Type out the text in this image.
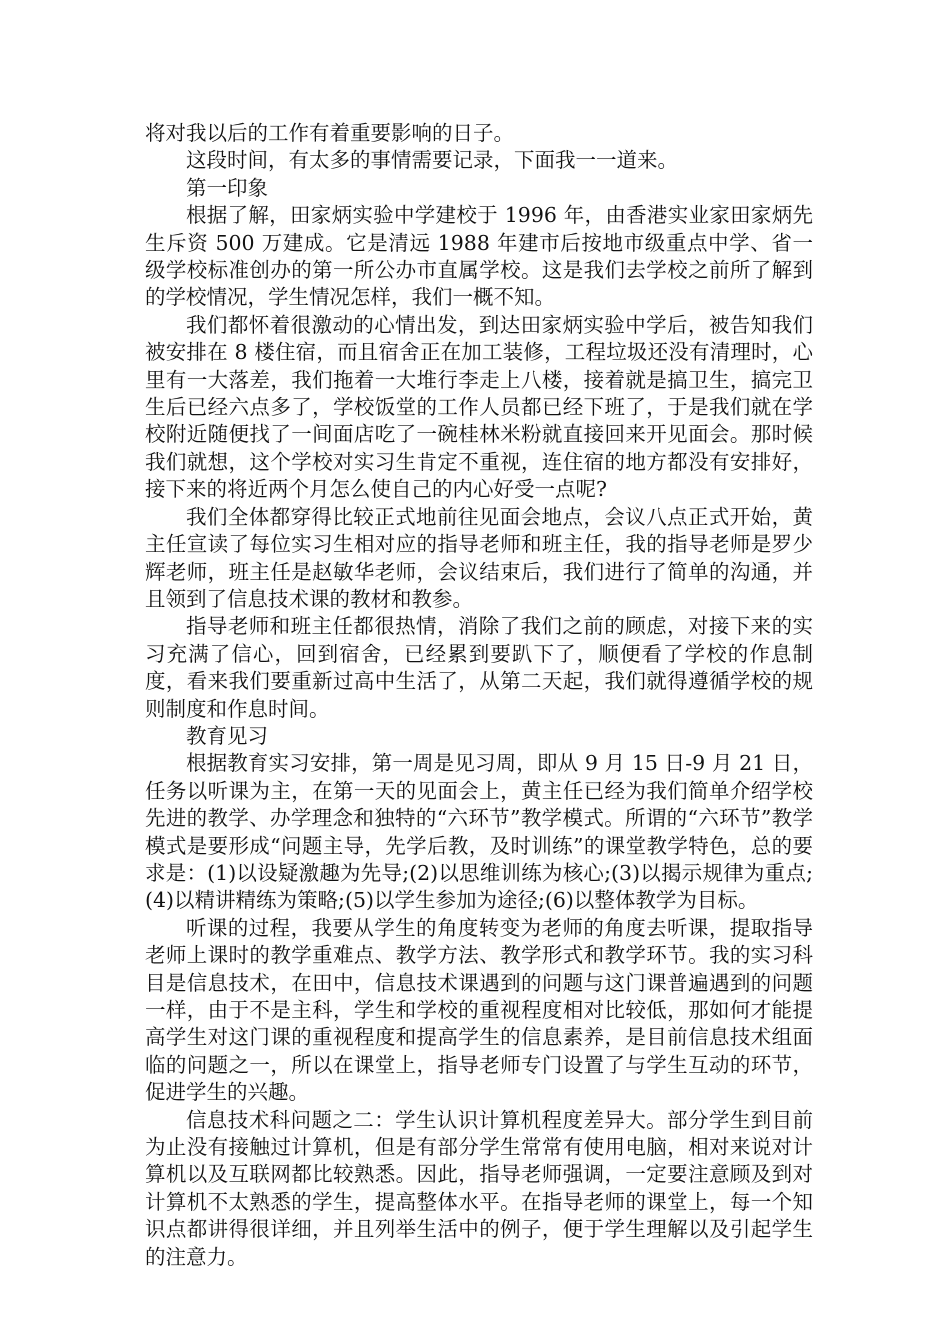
将对我以后的工作有着重要影响的日子。

这段时间，有太多的事情需要记录，下面我一一道来。

第一印象

根据了解，田家炳实验中学建校于 1996 年，由香港实业家田家炳先生斥资 500 万建成。它是清远 1988 年建市后按地市级重点中学、省一级学校标准创办的第一所公办市直属学校。这是我们去学校之前所了解到的学校情况，学生情况怎样，我们一概不知。

我们都怀着很激动的心情出发，到达田家炳实验中学后，被告知我们被安排在 8 楼住宿，而且宿舍正在加工装修，工程垃圾还没有清理时，心里有一大落差，我们拖着一大堆行李走上八楼，接着就是搞卫生，搞完卫生后已经六点多了，学校饭堂的工作人员都已经下班了，于是我们就在学校附近随便找了一间面店吃了一碗桂林米粉就直接回来开见面会。那时候我们就想，这个学校对实习生肯定不重视，连住宿的地方都没有安排好，接下来的将近两个月怎么使自己的内心好受一点呢?

我们全体都穿得比较正式地前往见面会地点，会议八点正式开始，黄主任宣读了每位实习生相对应的指导老师和班主任，我的指导老师是罗少辉老师，班主任是赵敏华老师，会议结束后，我们进行了简单的沟通，并且领到了信息技术课的教材和教参。

指导老师和班主任都很热情，消除了我们之前的顾虑，对接下来的实习充满了信心，回到宿舍，已经累到要趴下了，顺便看了学校的作息制度，看来我们要重新过高中生活了，从第二天起，我们就得遵循学校的规则制度和作息时间。

教育见习

根据教育实习安排，第一周是见习周，即从 9 月 15 日-9 月 21 日，任务以听课为主，在第一天的见面会上，黄主任已经为我们简单介绍学校先进的教学、办学理念和独特的“六环节”教学模式。所谓的“六环节”教学模式是要形成“问题主导，先学后教，及时训练”的课堂教学特色，总的要求是：(1)以设疑激趣为先导;(2)以思维训练为核心;(3)以揭示规律为重点;(4)以精讲精练为策略;(5)以学生参加为途径;(6)以整体教学为目标。

听课的过程，我要从学生的角度转变为老师的角度去听课，提取指导老师上课时的教学重难点、教学方法、教学形式和教学环节。我的实习科目是信息技术，在田中，信息技术课遇到的问题与这门课普遍遇到的问题一样，由于不是主科，学生和学校的重视程度相对比较低，那如何才能提高学生对这门课的重视程度和提高学生的信息素养，是目前信息技术组面临的问题之一，所以在课堂上，指导老师专门设置了与学生互动的环节，促进学生的兴趣。

信息技术科问题之二：学生认识计算机程度差异大。部分学生到目前为止没有接触过计算机，但是有部分学生常常有使用电脑，相对来说对计算机以及互联网都比较熟悉。因此，指导老师强调，一定要注意顾及到对计算机不太熟悉的学生，提高整体水平。在指导老师的课堂上，每一个知识点都讲得很详细，并且列举生活中的例子，便于学生理解以及引起学生的注意力。
